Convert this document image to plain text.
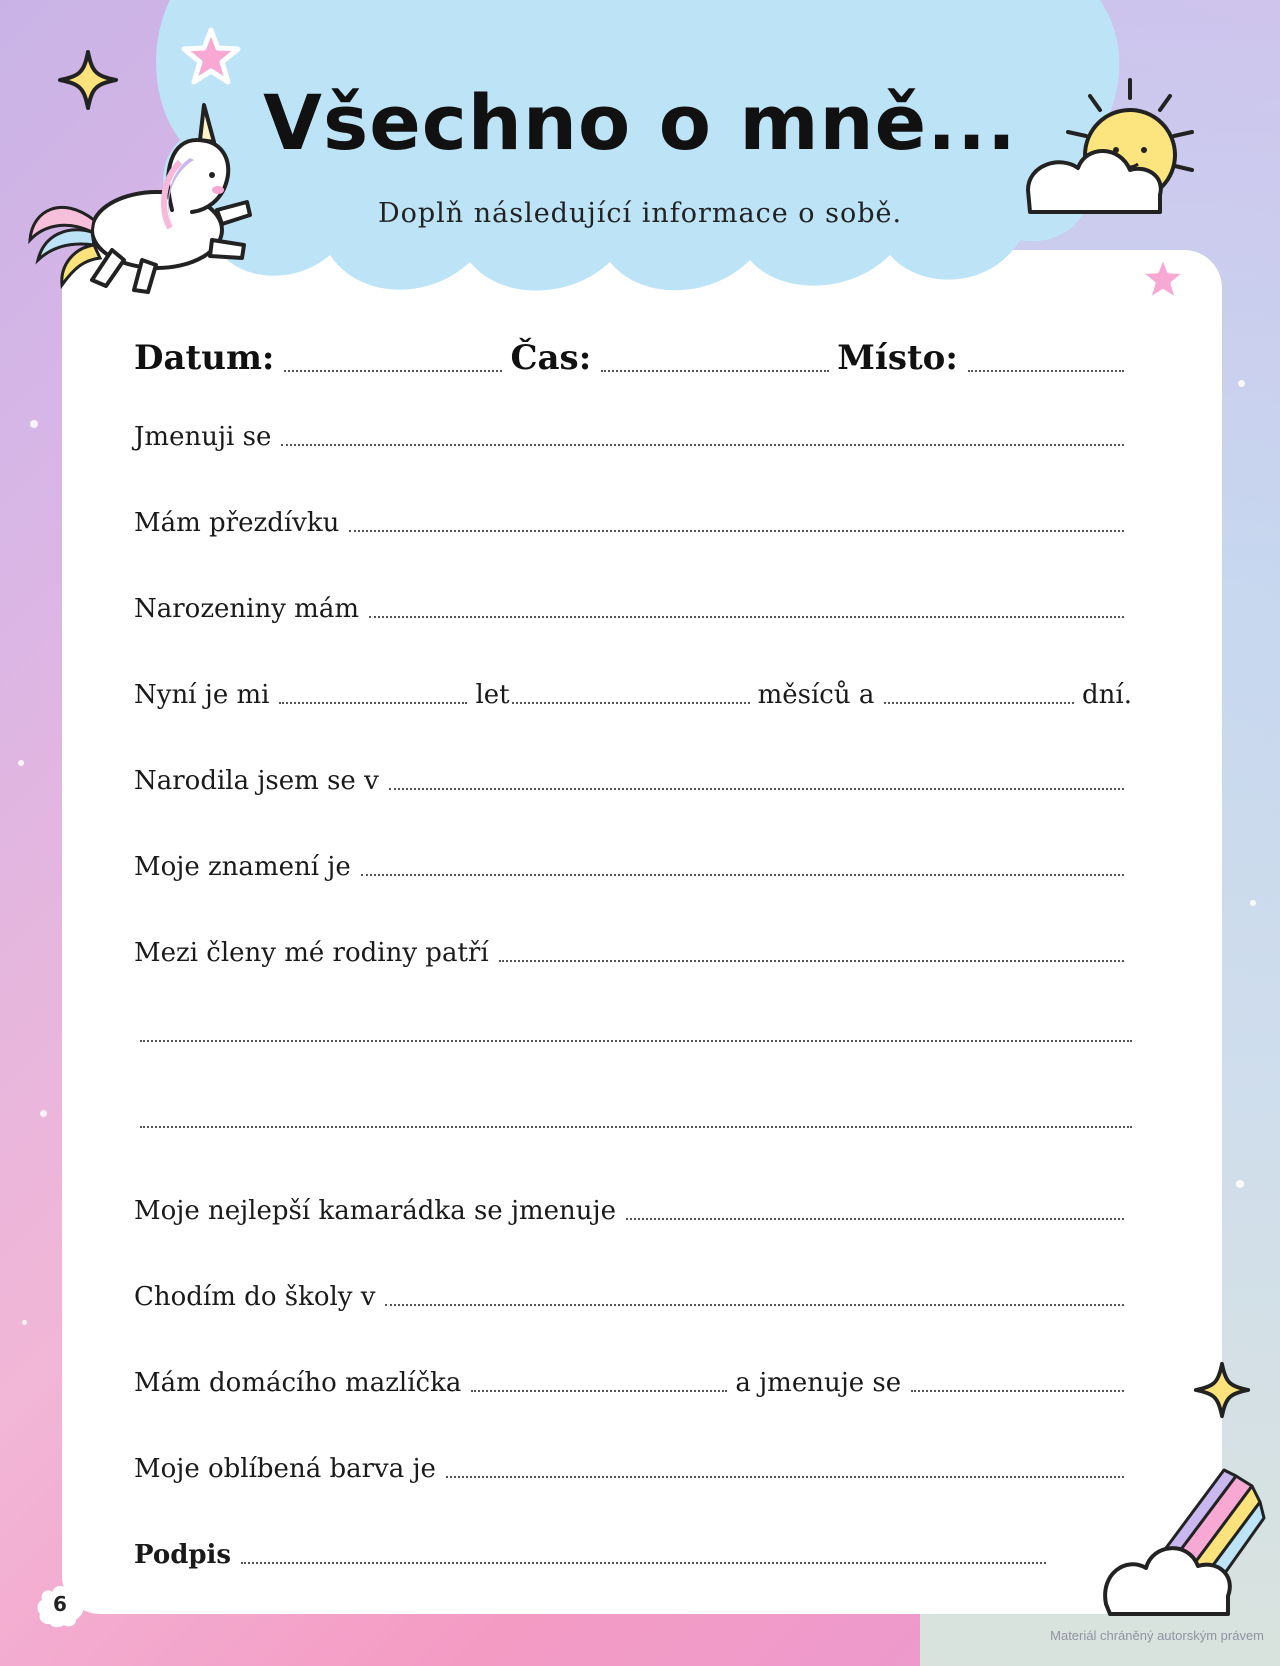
Všechno o mně...
Doplň následující informace o sobě.
Datum:	Čas:	Místo:
Jmenuji se
Mám přezdívku
Narozeniny mám
Nyní je mi	let	měsíců a	dní.
Narodila jsem se v
Moje znamení je
Mezi členy mé rodiny patří
Moje nejlepší kamarádka se jmenuje
Chodím do školy v
Mám domácího mazlíčka	a jmenuje se
Moje oblíbená barva je
Podpis
6
Materiál chráněný autorským právem
